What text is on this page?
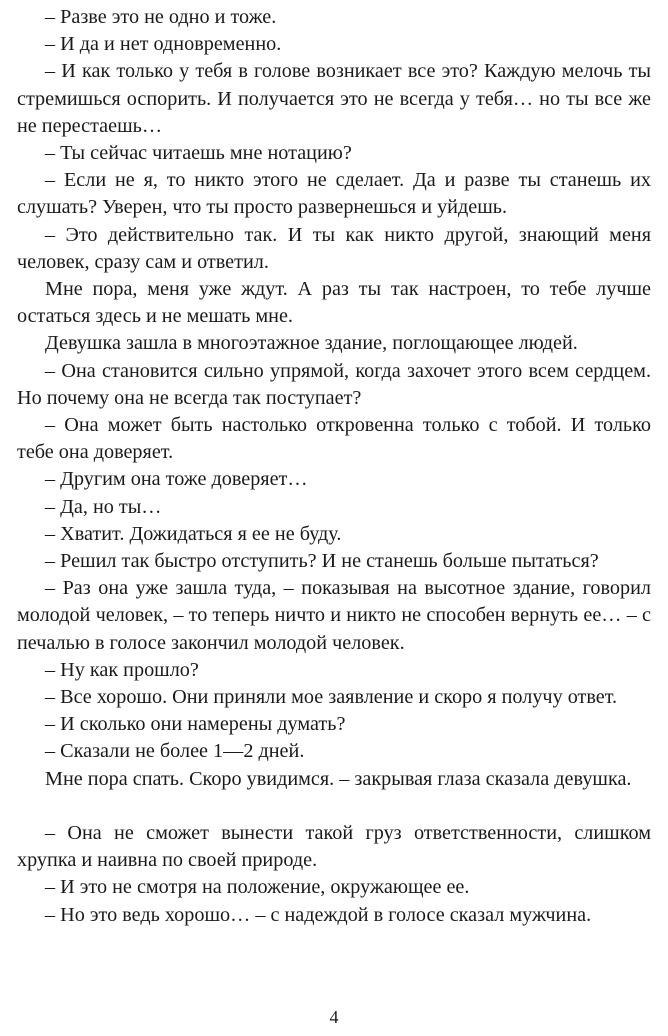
– Разве это не одно и тоже.

– И да и нет одновременно.

– И как только у тебя в голове возникает все это? Каждую мелочь ты стремишься оспорить. И получается это не всегда у тебя… но ты все же не перестаешь…

– Ты сейчас читаешь мне нотацию?

– Если не я, то никто этого не сделает. Да и разве ты станешь их слушать? Уверен, что ты просто развернешься и уйдешь.

– Это действительно так. И ты как никто другой, знающий меня человек, сразу сам и ответил.

Мне пора, меня уже ждут. А раз ты так настроен, то тебе лучше остаться здесь и не мешать мне.

Девушка зашла в многоэтажное здание, поглощающее людей.

– Она становится сильно упрямой, когда захочет этого всем сердцем. Но почему она не всегда так поступает?

– Она может быть настолько откровенна только с тобой. И только тебе она доверяет.

– Другим она тоже доверяет…

– Да, но ты…

– Хватит. Дожидаться я ее не буду.

– Решил так быстро отступить? И не станешь больше пытаться?

– Раз она уже зашла туда, – показывая на высотное здание, говорил молодой человек, – то теперь ничто и никто не способен вернуть ее… – с печалью в голосе закончил молодой человек.

– Ну как прошло?

– Все хорошо. Они приняли мое заявление и скоро я получу ответ.

– И сколько они намерены думать?

– Сказали не более 1—2 дней.

Мне пора спать. Скоро увидимся. – закрывая глаза сказала девушка.

– Она не сможет вынести такой груз ответственности, слишком хрупка и наивна по своей природе.

– И это не смотря на положение, окружающее ее.

– Но это ведь хорошо… – с надеждой в голосе сказал мужчина.

4
